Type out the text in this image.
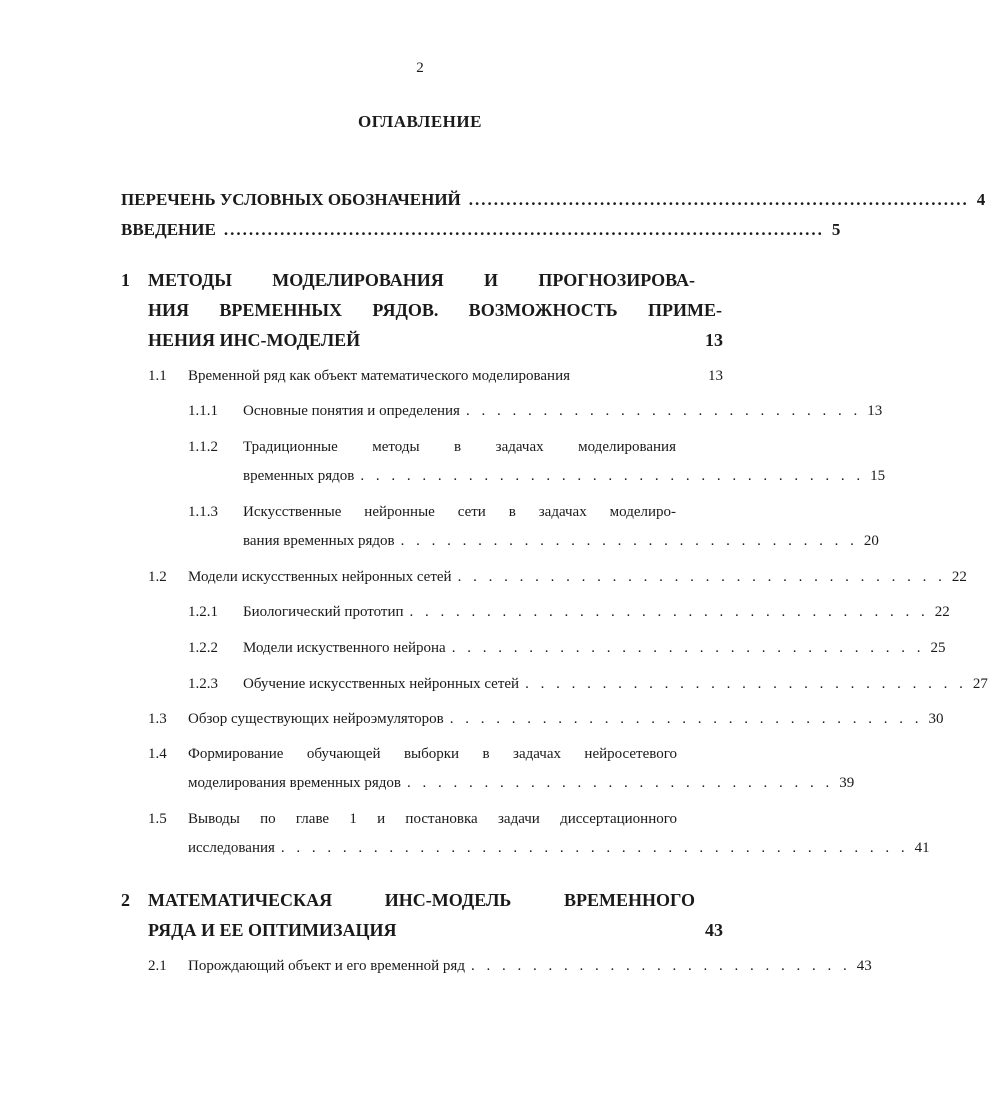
2
ОГЛАВЛЕНИЕ
ПЕРЕЧЕНЬ УСЛОВНЫХ ОБОЗНАЧЕНИЙ ................................................................................ 4
ВВЕДЕНИЕ ................................................................................................ 5
1 МЕТОДЫ МОДЕЛИРОВАНИЯ И ПРОГНОЗИРОВА-
НИЯ ВРЕМЕННЫХ РЯДОВ. ВОЗМОЖНОСТЬ ПРИМЕ-
НЕНИЯ ИНС-МОДЕЛЕЙ	13
1.1 Временной ряд как объект математического моделирования	13
1.1.1 Основные понятия и определения . . . . . . . . . . . . . . . . . . . . . . . . . . 13
1.1.2 Традиционные методы в задачах моделирования
временных рядов . . . . . . . . . . . . . . . . . . . . . . . . . . . . . . . . . 15
1.1.3 Искусственные нейронные сети в задачах моделиро-
вания временных рядов . . . . . . . . . . . . . . . . . . . . . . . . . . . . . . 20
1.2 Модели искусственных нейронных сетей . . . . . . . . . . . . . . . . . . . . . . . . . . . . . . . . 22
1.2.1 Биологический прототип . . . . . . . . . . . . . . . . . . . . . . . . . . . . . . . . . . 22
1.2.2 Модели искуственного нейрона . . . . . . . . . . . . . . . . . . . . . . . . . . . . . . . 25
1.2.3 Обучение искусственных нейронных сетей . . . . . . . . . . . . . . . . . . . . . . . . . . . . . 27
1.3 Обзор существующих нейроэмуляторов . . . . . . . . . . . . . . . . . . . . . . . . . . . . . . . 30
1.4 Формирование обучающей выборки в задачах нейросетевого
моделирования временных рядов . . . . . . . . . . . . . . . . . . . . . . . . . . . . 39
1.5 Выводы по главе 1 и постановка задачи диссертационного
исследования . . . . . . . . . . . . . . . . . . . . . . . . . . . . . . . . . . . . . . . . . 41
2 МАТЕМАТИЧЕСКАЯ ИНС-МОДЕЛЬ ВРЕМЕННОГО
РЯДА И ЕЕ ОПТИМИЗАЦИЯ	43
2.1 Порождающий объект и его временной ряд . . . . . . . . . . . . . . . . . . . . . . . . . 43
